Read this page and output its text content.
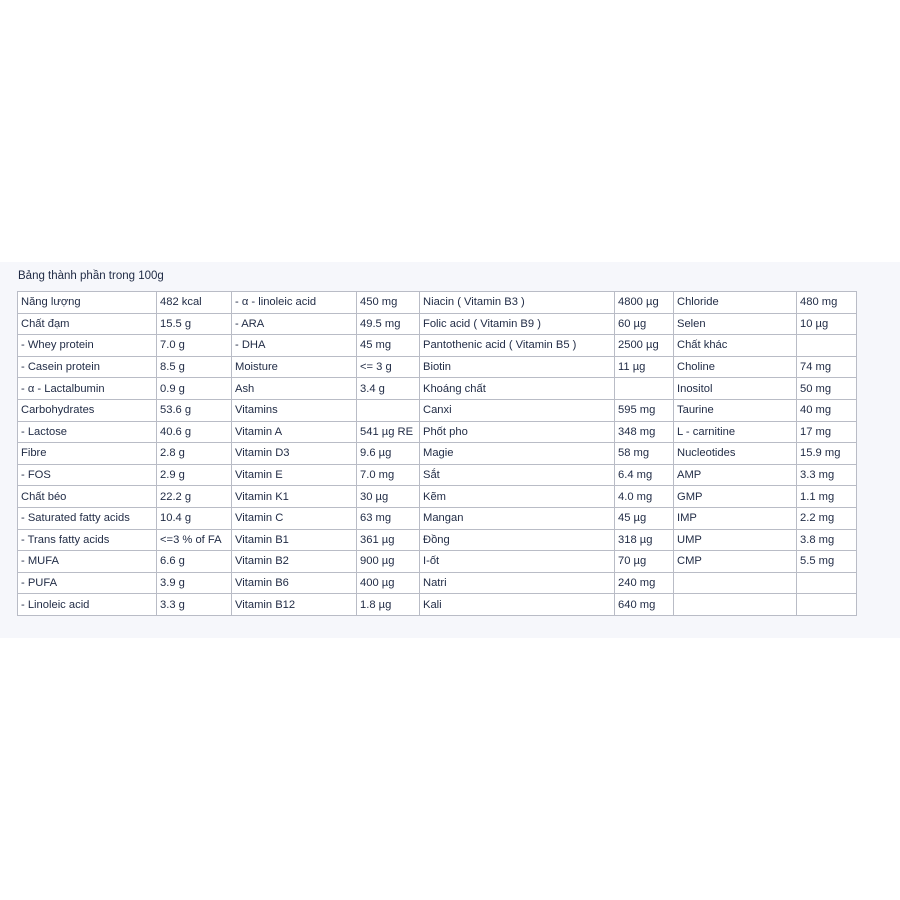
Bảng thành phần trong 100g
Năng lượng	482 kcal	- α - linoleic acid	450 mg	Niacin ( Vitamin B3 )	4800 µg	Chloride	480 mg
Chất đạm	15.5 g	- ARA	49.5 mg	Folic acid ( Vitamin B9 )	60 µg	Selen	10 µg
- Whey protein	7.0 g	- DHA	45 mg	Pantothenic acid ( Vitamin B5 )	2500 µg	Chất khác	
- Casein protein	8.5 g	Moisture	<= 3 g	Biotin	11 µg	Choline	74 mg
- α - Lactalbumin	0.9 g	Ash	3.4 g	Khoáng chất		Inositol	50 mg
Carbohydrates	53.6 g	Vitamins		Canxi	595 mg	Taurine	40 mg
- Lactose	40.6 g	Vitamin A	541 µg RE	Phốt pho	348 mg	L - carnitine	17 mg
Fibre	2.8 g	Vitamin D3	9.6 µg	Magie	58 mg	Nucleotides	15.9 mg
- FOS	2.9 g	Vitamin E	7.0 mg	Sắt	6.4 mg	AMP	3.3 mg
Chất béo	22.2 g	Vitamin K1	30 µg	Kẽm	4.0 mg	GMP	1.1 mg
- Saturated fatty acids	10.4 g	Vitamin C	63 mg	Mangan	45 µg	IMP	2.2 mg
- Trans fatty acids	<=3 % of FA	Vitamin B1	361 µg	Đồng	318 µg	UMP	3.8 mg
- MUFA	6.6 g	Vitamin B2	900 µg	I-ốt	70 µg	CMP	5.5 mg
- PUFA	3.9 g	Vitamin B6	400 µg	Natri	240 mg		
- Linoleic acid	3.3 g	Vitamin B12	1.8 µg	Kali	640 mg		
